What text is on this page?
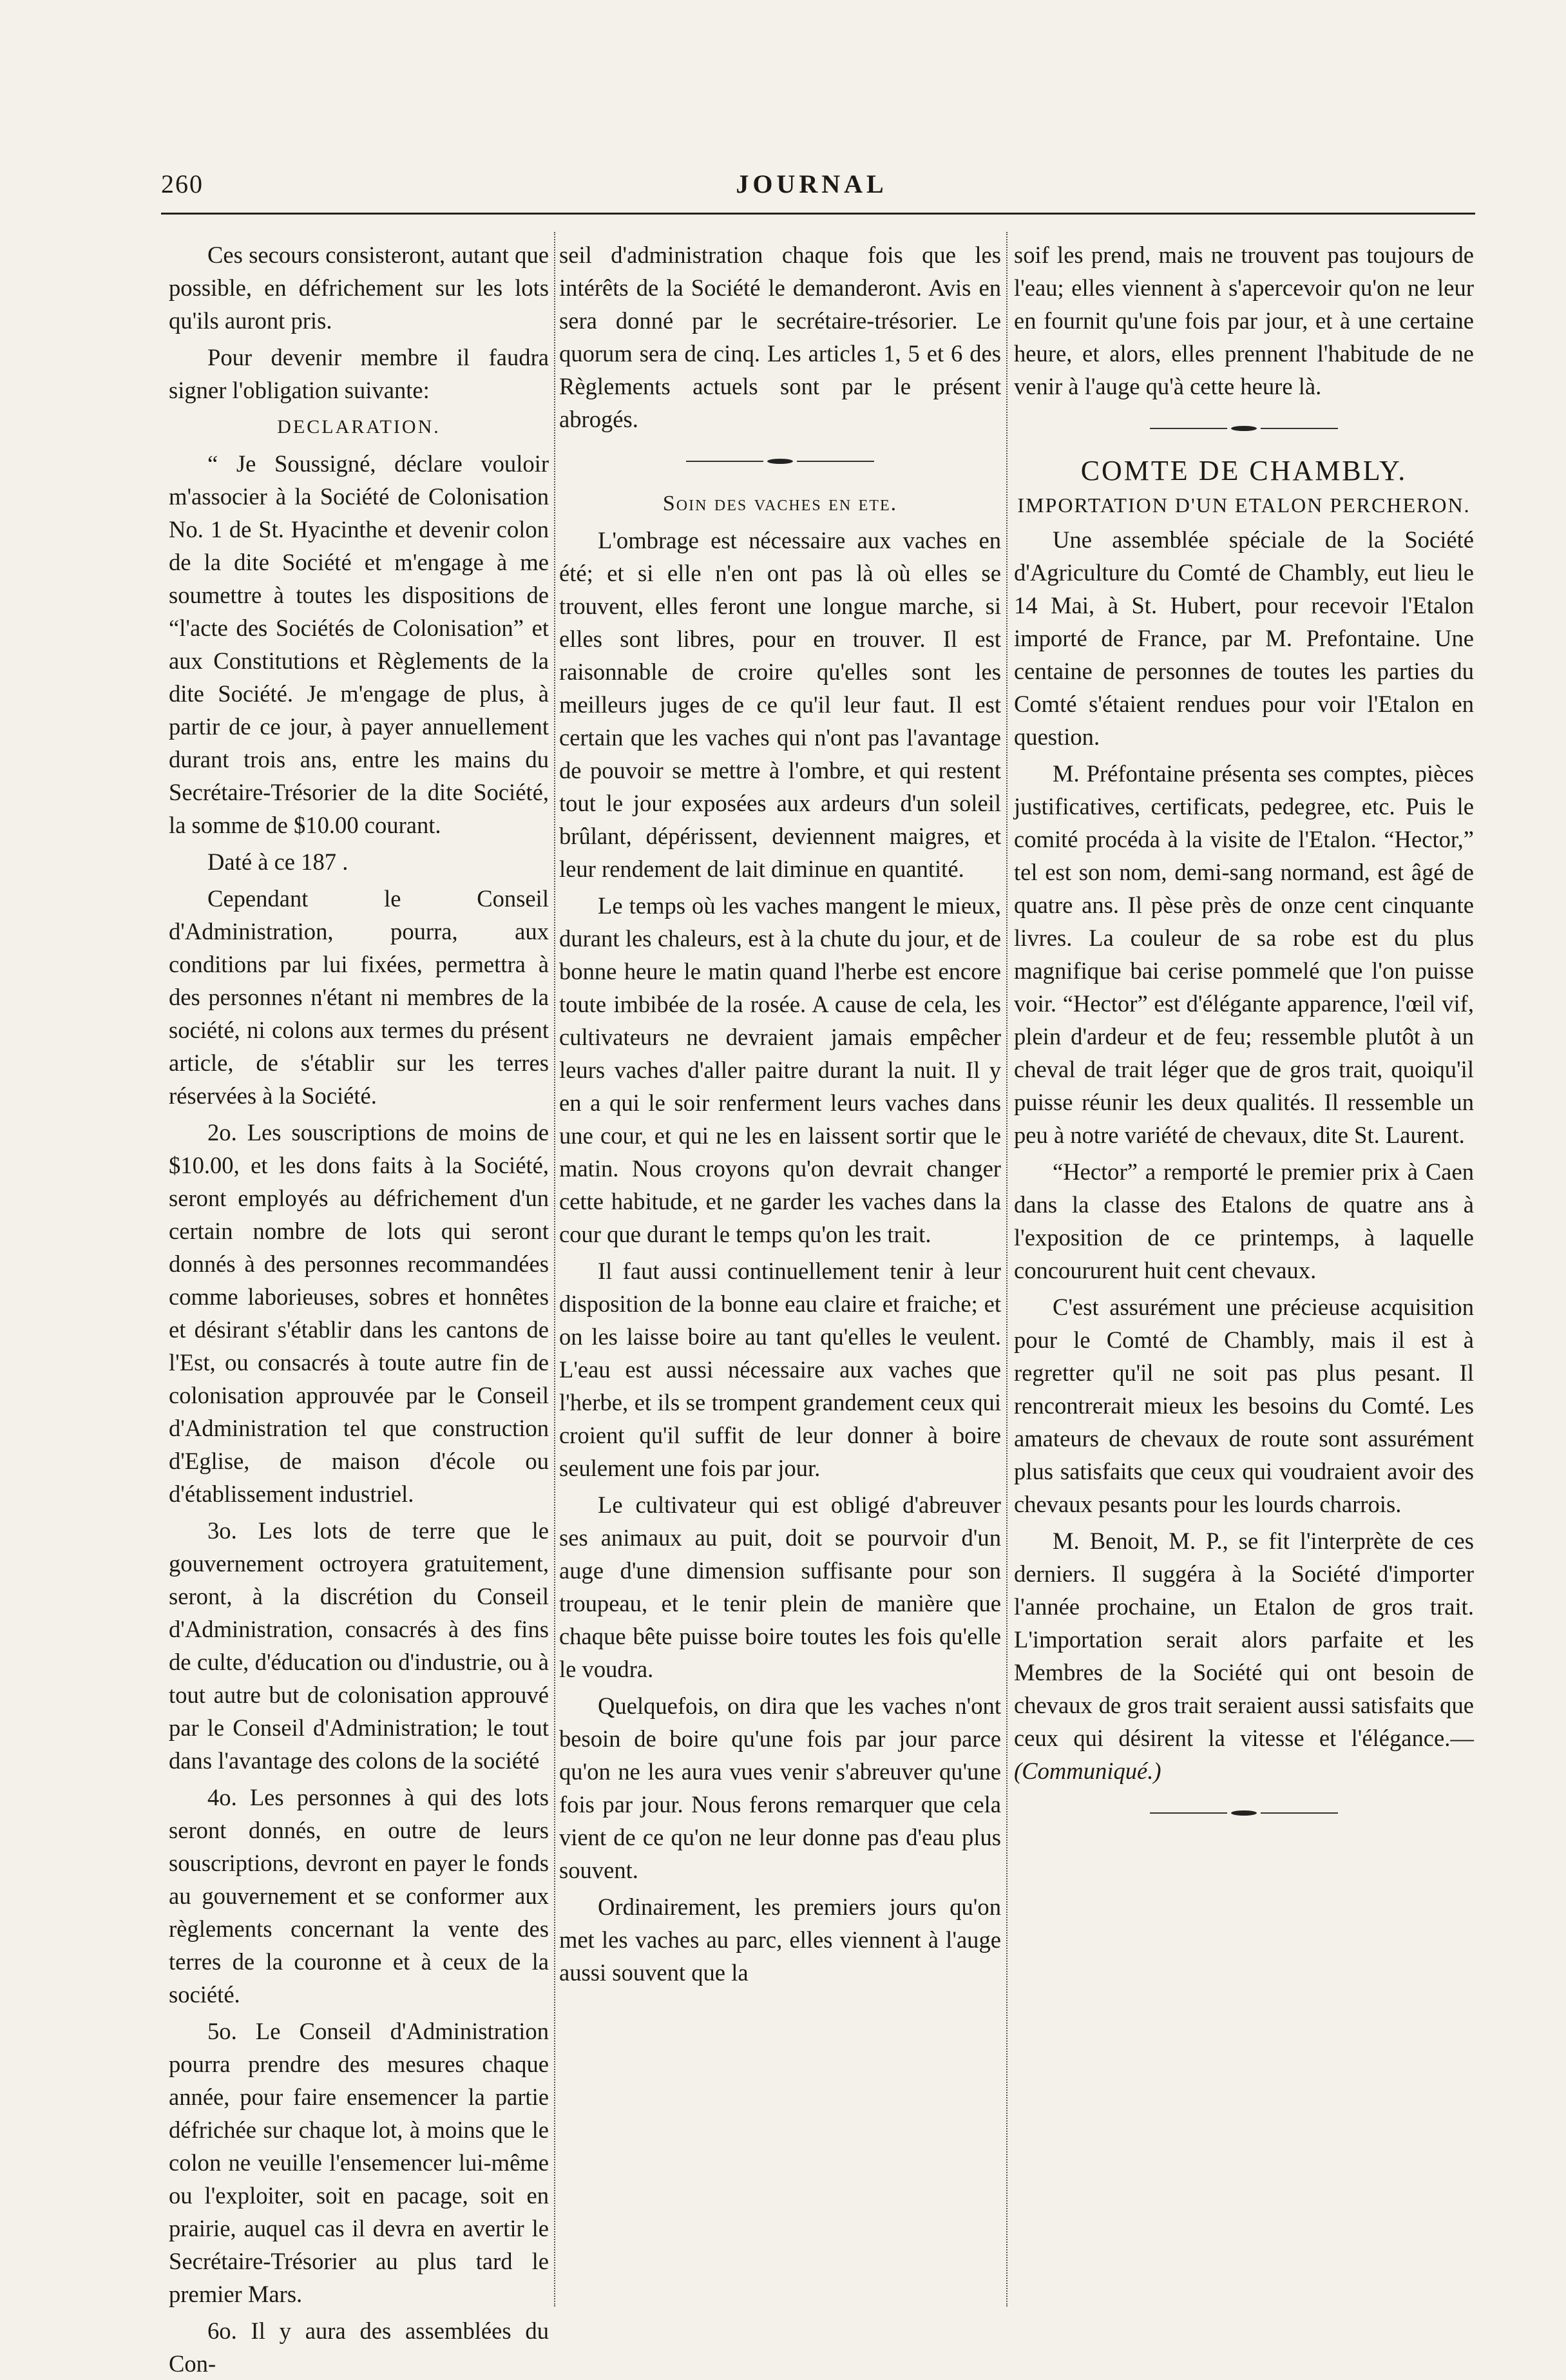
260	JOURNAL

Ces secours consisteront, autant que possible, en défrichement sur les lots qu'ils auront pris.

Pour devenir membre il faudra signer l'obligation suivante:

DECLARATION.

“ Je Soussigné, déclare vouloir m'associer à la Société de Colonisation No. 1 de St. Hyacinthe et devenir colon de la dite Société et m'engage à me soumettre à toutes les dispositions de “l'acte des Sociétés de Colonisation” et aux Constitutions et Règlements de la dite Société. Je m'engage de plus, à partir de ce jour, à payer annuellement durant trois ans, entre les mains du Secrétaire-Trésorier de la dite Société, la somme de $10.00 courant.

Daté à ce 187 .

Cependant le Conseil d'Administration, pourra, aux conditions par lui fixées, permettra à des personnes n'étant ni membres de la société, ni colons aux termes du présent article, de s'établir sur les terres réservées à la Société.

2o. Les souscriptions de moins de $10.00, et les dons faits à la Société, seront employés au défrichement d'un certain nombre de lots qui seront donnés à des personnes recommandées comme laborieuses, sobres et honnêtes et désirant s'établir dans les cantons de l'Est, ou consacrés à toute autre fin de colonisation approuvée par le Conseil d'Administration tel que construction d'Eglise, de maison d'école ou d'établissement industriel.

3o. Les lots de terre que le gouvernement octroyera gratuitement, seront, à la discrétion du Conseil d'Administration, consacrés à des fins de culte, d'éducation ou d'industrie, ou à tout autre but de colonisation approuvé par le Conseil d'Administration; le tout dans l'avantage des colons de la société

4o. Les personnes à qui des lots seront donnés, en outre de leurs souscriptions, devront en payer le fonds au gouvernement et se conformer aux règlements concernant la vente des terres de la couronne et à ceux de la société.

5o. Le Conseil d'Administration pourra prendre des mesures chaque année, pour faire ensemencer la partie défrichée sur chaque lot, à moins que le colon ne veuille l'ensemencer lui-même ou l'exploiter, soit en pacage, soit en prairie, auquel cas il devra en avertir le Secrétaire-Trésorier au plus tard le premier Mars.

6o. Il y aura des assemblées du Con-

seil d'administration chaque fois que les intérêts de la Société le demanderont. Avis en sera donné par le secrétaire-trésorier. Le quorum sera de cinq. Les articles 1, 5 et 6 des Règlements actuels sont par le présent abrogés.

Soin des vaches en ete.

L'ombrage est nécessaire aux vaches en été; et si elle n'en ont pas là où elles se trouvent, elles feront une longue marche, si elles sont libres, pour en trouver. Il est raisonnable de croire qu'elles sont les meilleurs juges de ce qu'il leur faut. Il est certain que les vaches qui n'ont pas l'avantage de pouvoir se mettre à l'ombre, et qui restent tout le jour exposées aux ardeurs d'un soleil brûlant, dépérissent, deviennent maigres, et leur rendement de lait diminue en quantité.

Le temps où les vaches mangent le mieux, durant les chaleurs, est à la chute du jour, et de bonne heure le matin quand l'herbe est encore toute imbibée de la rosée. A cause de cela, les cultivateurs ne devraient jamais empêcher leurs vaches d'aller paitre durant la nuit. Il y en a qui le soir renferment leurs vaches dans une cour, et qui ne les en laissent sortir que le matin. Nous croyons qu'on devrait changer cette habitude, et ne garder les vaches dans la cour que durant le temps qu'on les trait.

Il faut aussi continuellement tenir à leur disposition de la bonne eau claire et fraiche; et on les laisse boire au tant qu'elles le veulent. L'eau est aussi nécessaire aux vaches que l'herbe, et ils se trompent grandement ceux qui croient qu'il suffit de leur donner à boire seulement une fois par jour.

Le cultivateur qui est obligé d'abreuver ses animaux au puit, doit se pourvoir d'un auge d'une dimension suffisante pour son troupeau, et le tenir plein de manière que chaque bête puisse boire toutes les fois qu'elle le voudra.

Quelquefois, on dira que les vaches n'ont besoin de boire qu'une fois par jour parce qu'on ne les aura vues venir s'abreuver qu'une fois par jour. Nous ferons remarquer que cela vient de ce qu'on ne leur donne pas d'eau plus souvent.

Ordinairement, les premiers jours qu'on met les vaches au parc, elles viennent à l'auge aussi souvent que la

soif les prend, mais ne trouvent pas toujours de l'eau; elles viennent à s'apercevoir qu'on ne leur en fournit qu'une fois par jour, et à une certaine heure, et alors, elles prennent l'habitude de ne venir à l'auge qu'à cette heure là.

COMTE DE CHAMBLY.

IMPORTATION D'UN ETALON PERCHERON.

Une assemblée spéciale de la Société d'Agriculture du Comté de Chambly, eut lieu le 14 Mai, à St. Hubert, pour recevoir l'Etalon importé de France, par M. Prefontaine. Une centaine de personnes de toutes les parties du Comté s'étaient rendues pour voir l'Etalon en question.

M. Préfontaine présenta ses comptes, pièces justificatives, certificats, pedegree, etc. Puis le comité procéda à la visite de l'Etalon. “Hector,” tel est son nom, demi-sang normand, est âgé de quatre ans. Il pèse près de onze cent cinquante livres. La couleur de sa robe est du plus magnifique bai cerise pommelé que l'on puisse voir. “Hector” est d'élégante apparence, l'œil vif, plein d'ardeur et de feu; ressemble plutôt à un cheval de trait léger que de gros trait, quoiqu'il puisse réunir les deux qualités. Il ressemble un peu à notre variété de chevaux, dite St. Laurent.

“Hector” a remporté le premier prix à Caen dans la classe des Etalons de quatre ans à l'exposition de ce printemps, à laquelle concoururent huit cent chevaux.

C'est assurément une précieuse acquisition pour le Comté de Chambly, mais il est à regretter qu'il ne soit pas plus pesant. Il rencontrerait mieux les besoins du Comté. Les amateurs de chevaux de route sont assurément plus satisfaits que ceux qui voudraient avoir des chevaux pesants pour les lourds charrois.

M. Benoit, M. P., se fit l'interprète de ces derniers. Il suggéra à la Société d'importer l'année prochaine, un Etalon de gros trait. L'importation serait alors parfaite et les Membres de la Société qui ont besoin de chevaux de gros trait seraient aussi satisfaits que ceux qui désirent la vitesse et l'élégance.—(Communiqué.)
